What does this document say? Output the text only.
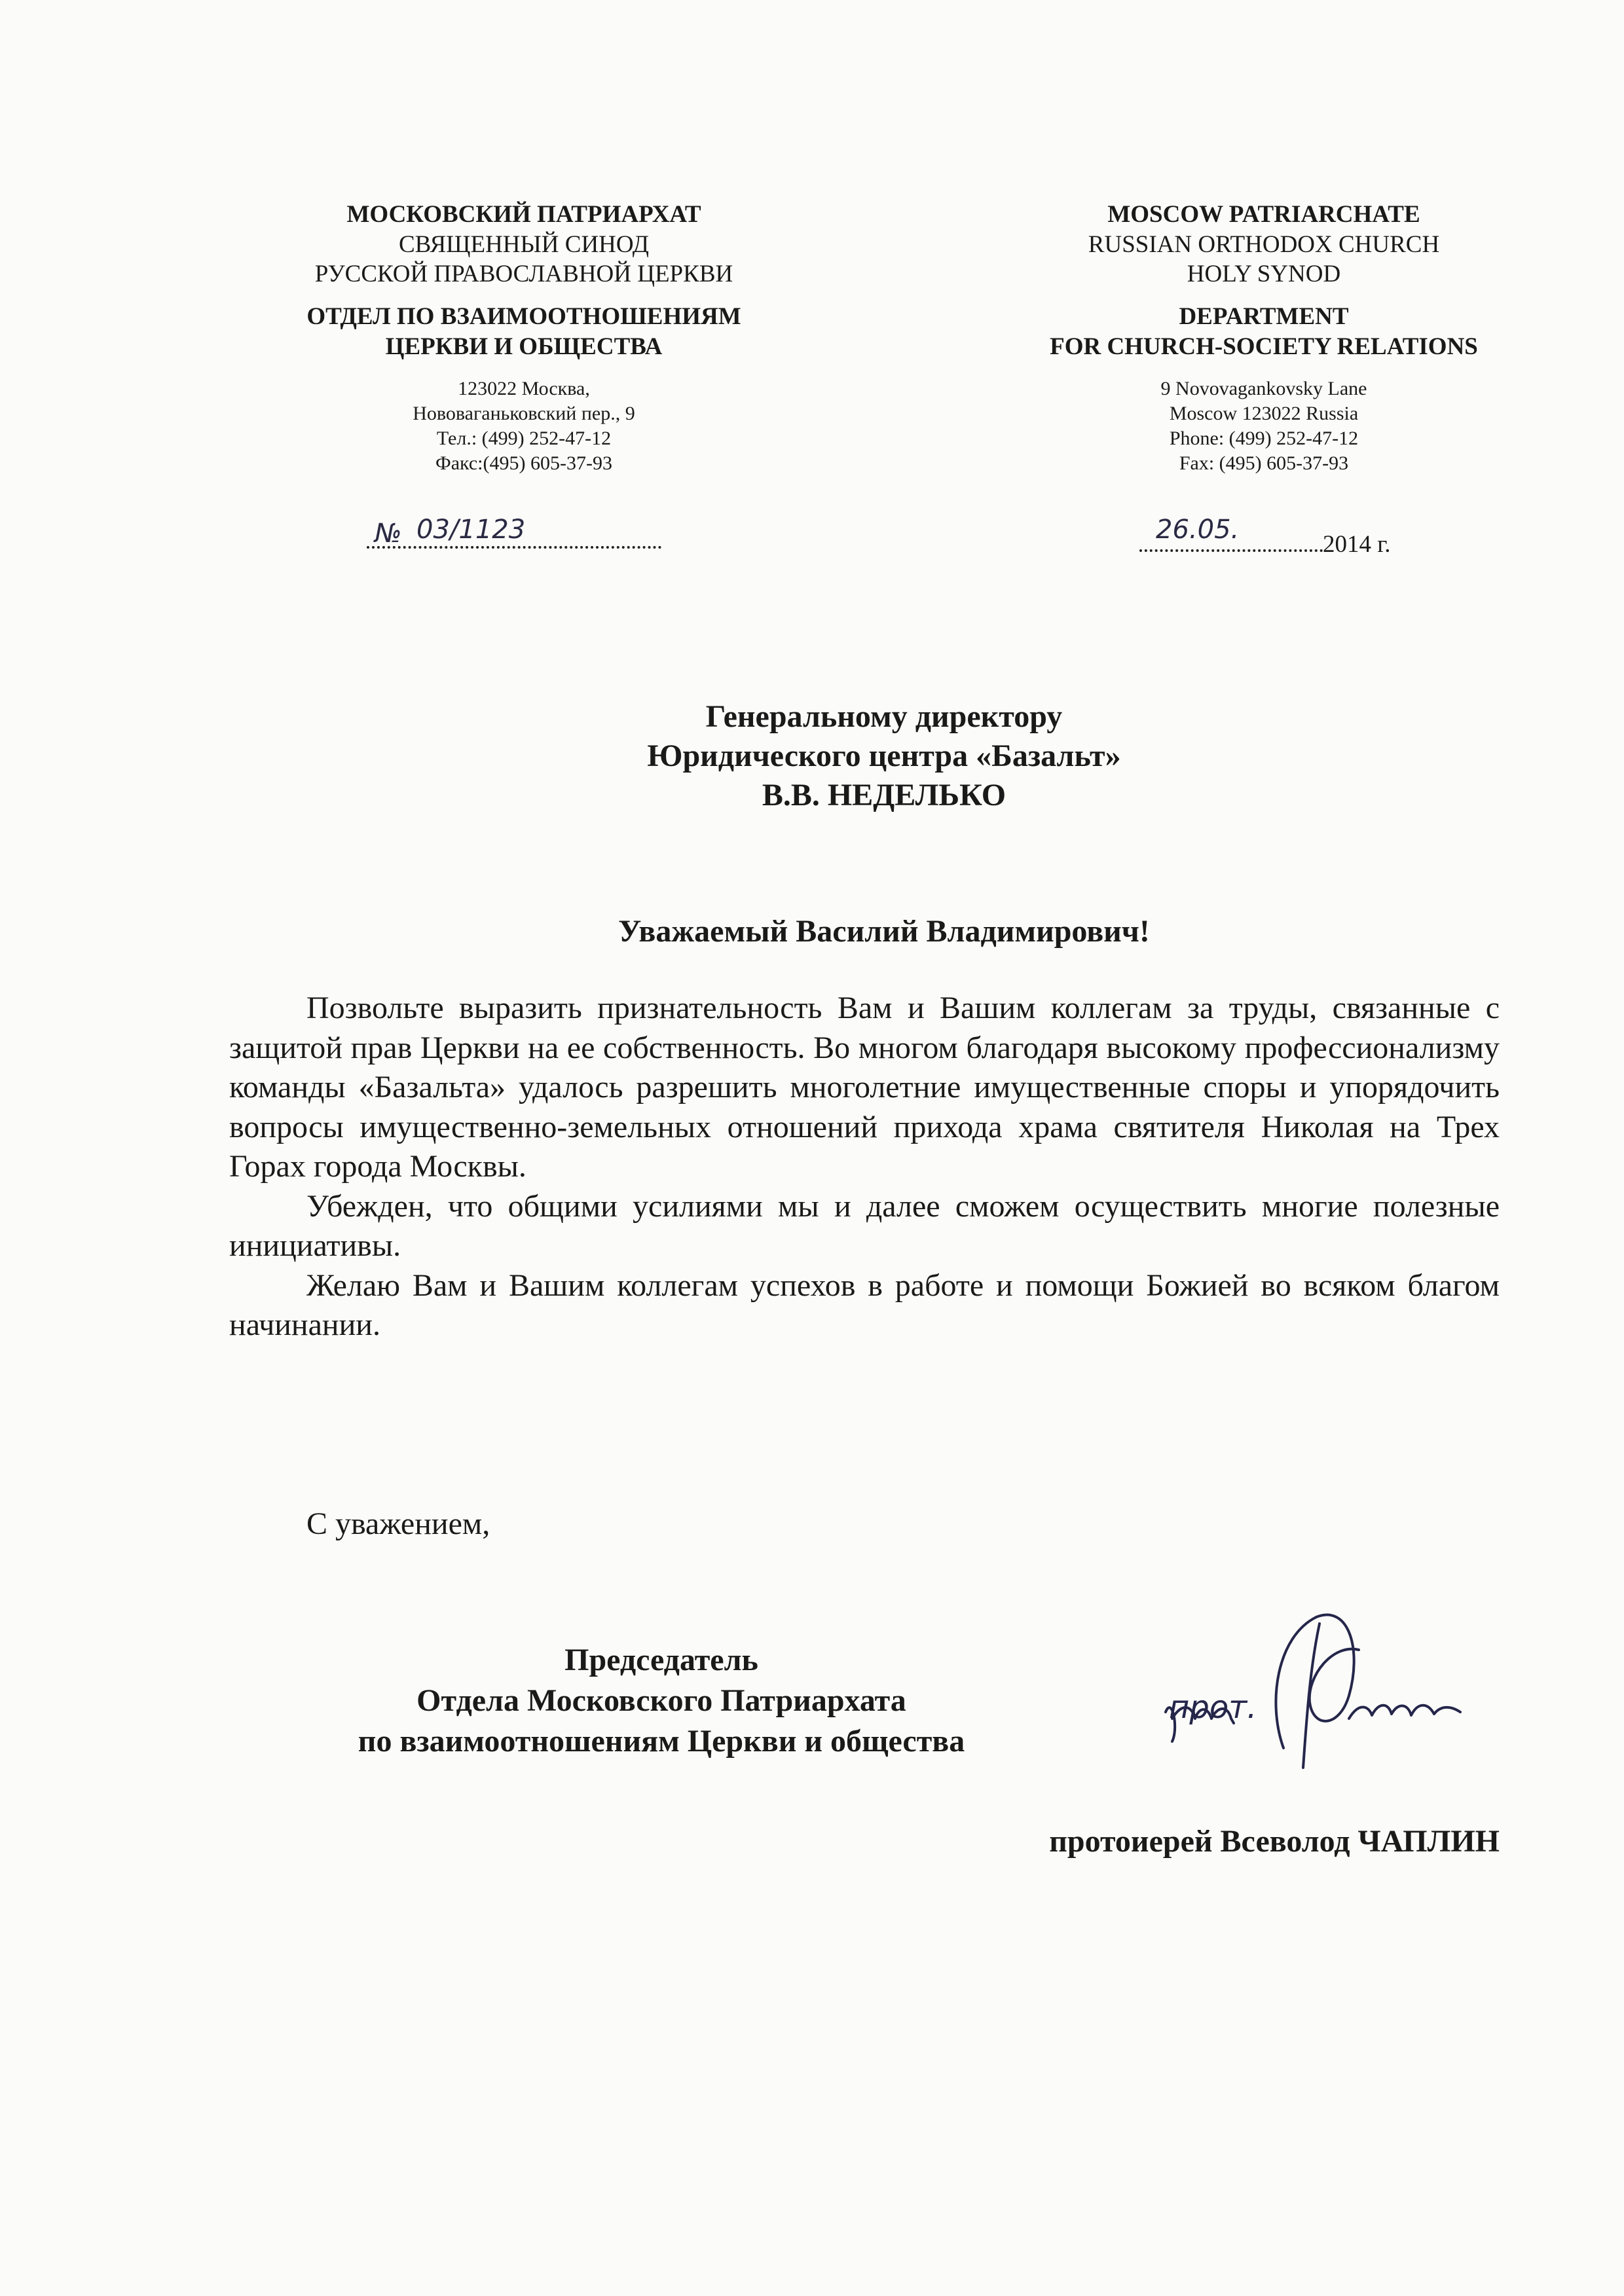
МОСКОВСКИЙ ПАТРИАРХАТ
СВЯЩЕННЫЙ СИНОД
РУССКОЙ ПРАВОСЛАВНОЙ ЦЕРКВИ
ОТДЕЛ ПО ВЗАИМООТНОШЕНИЯМ
ЦЕРКВИ И ОБЩЕСТВА
123022 Москва,
Нововаганьковский пер., 9
Тел.: (499) 252-47-12
Факс:(495) 605-37-93
MOSCOW PATRIARCHATE
RUSSIAN ORTHODOX CHURCH
HOLY SYNOD
DEPARTMENT
FOR CHURCH-SOCIETY RELATIONS
9 Novovagankovsky Lane
Moscow 123022 Russia
Phone: (499) 252-47-12
Fax: (495) 605-37-93
№ 03/1123	2014 г.
26.05.
Генеральному директору
Юридического центра «Базальт»
В.В. НЕДЕЛЬКО
Уважаемый Василий Владимирович!

Позвольте выразить признательность Вам и Вашим коллегам за труды, связанные с защитой прав Церкви на ее собственность. Во многом благодаря высокому профессионализму команды «Базальта» удалось разрешить многолетние имущественные споры и упорядочить вопросы имущественно-земельных отношений прихода храма святителя Николая на Трех Горах города Москвы.

Убежден, что общими усилиями мы и далее сможем осуществить многие полезные инициативы.

Желаю Вам и Вашим коллегам успехов в работе и помощи Божией во всяком благом начинании.

С уважением,
Председатель
Отдела Московского Патриархата
по взаимоотношениям Церкви и общества
прот.
протоиерей Всеволод ЧАПЛИН
